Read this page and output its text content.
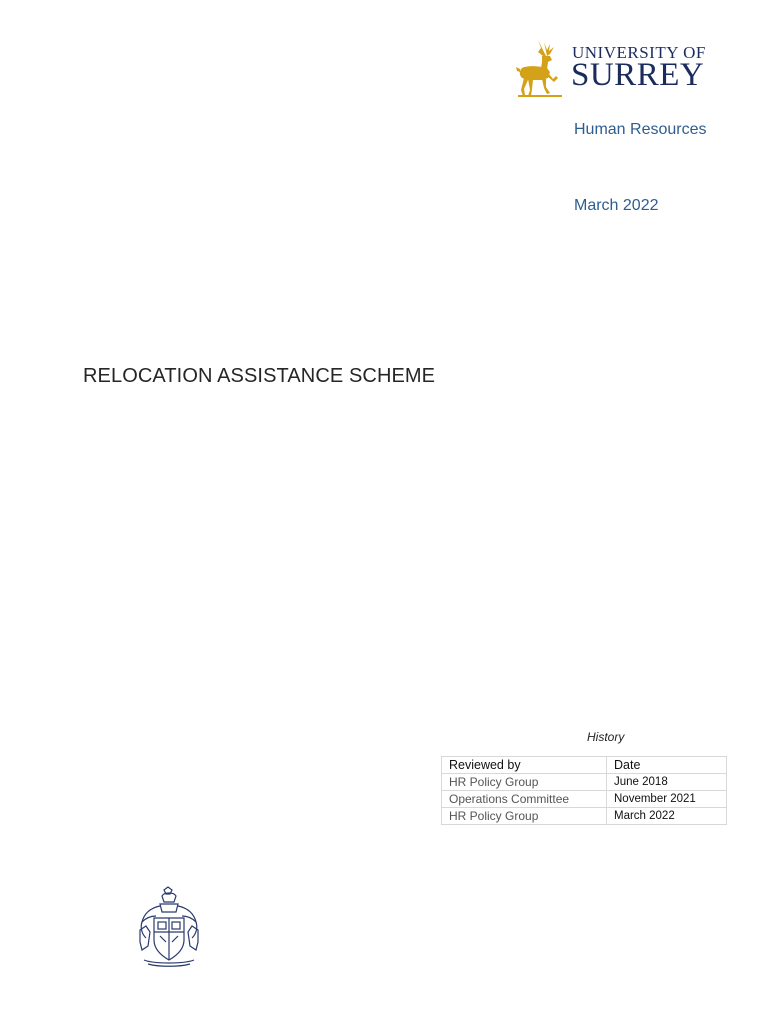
UNIVERSITY OF
SURREY
Human Resources
March 2022
RELOCATION ASSISTANCE SCHEME
History
Reviewed by	Date
HR Policy Group	June 2018
Operations Committee	November 2021
HR Policy Group	March 2022
